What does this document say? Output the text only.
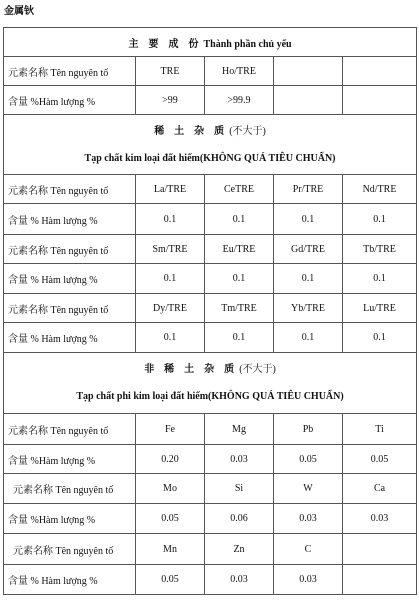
金属钬
主　要　成　份 Thành phần chủ yếu				
元素名称 Tên nguyên tố	TRE	Ho/TRE		
含量 %Hàm lượng %	>99	>99.9		

稀　土　杂　质 (不大于)
Tạp chất kim loại đất hiếm(KHÔNG QUÁ TIÊU CHUẨN)				

元素名称 Tên nguyên tố	La/TRE	CeTRE	Pr/TRE	Nd/TRE
含量 % Hàm lượng %	0.1	0.1	0.1	0.1
元素名称 Tên nguyên tố	Sm/TRE	Eu/TRE	Gd/TRE	Tb/TRE
含量 % Hàm lượng %	0.1	0.1	0.1	0.1
元素名称 Tên nguyên tố	Dy/TRE	Tm/TRE	Yb/TRE	Lu/TRE
含量 % Hàm lượng %	0.1	0.1	0.1	0.1

非　稀　土　杂　质 (不大于)
Tạp chất phi kim loại đất hiếm(KHÔNG QUÁ TIÊU CHUẨN)				

元素名称 Tên nguyên tố	Fe	Mg	Pb	Ti
含量 %Hàm lượng %	0.20	0.03	0.05	0.05
元素名称 Tên nguyên tố	Mo	Si	W	Ca
含量 %Hàm lượng %	0.05	0.06	0.03	0.03
元素名称 Tên nguyên tố	Mn	Zn	C	
含量 % Hàm lượng %	0.05	0.03	0.03	
